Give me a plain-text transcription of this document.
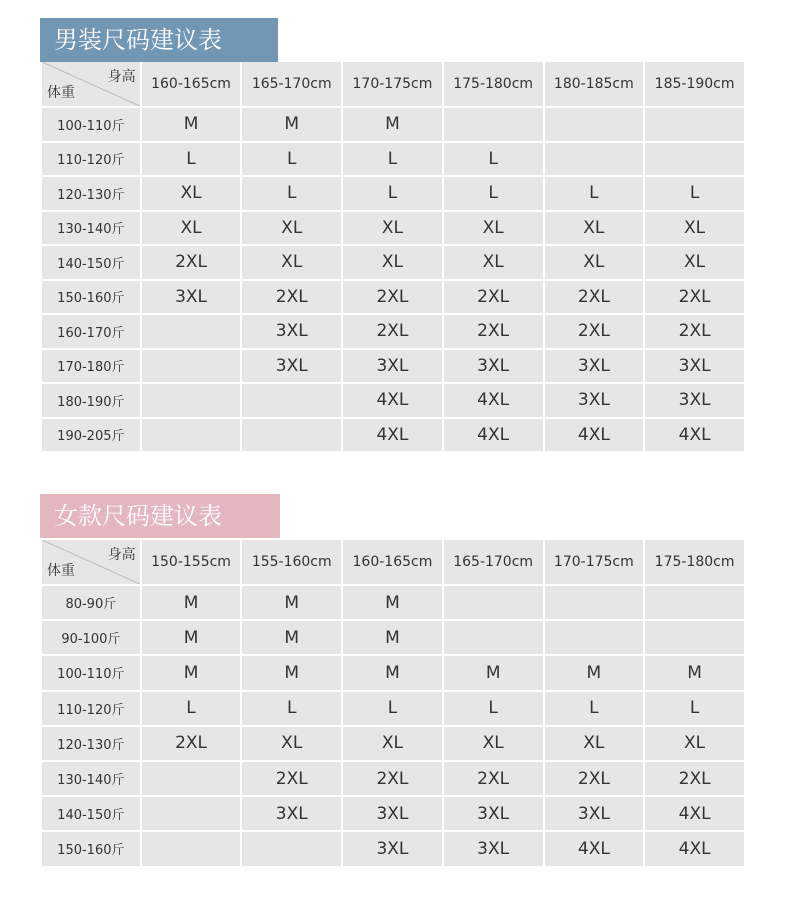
男装尺码建议表
身高
体重	160-165cm	165-170cm	170-175cm	175-180cm	180-185cm	185-190cm
100-110斤	M	M	M			
110-120斤	L	L	L	L		
120-130斤	XL	L	L	L	L	L
130-140斤	XL	XL	XL	XL	XL	XL
140-150斤	2XL	XL	XL	XL	XL	XL
150-160斤	3XL	2XL	2XL	2XL	2XL	2XL
160-170斤		3XL	2XL	2XL	2XL	2XL
170-180斤		3XL	3XL	3XL	3XL	3XL
180-190斤			4XL	4XL	3XL	3XL
190-205斤			4XL	4XL	4XL	4XL
女款尺码建议表
身高
体重	150-155cm	155-160cm	160-165cm	165-170cm	170-175cm	175-180cm
80-90斤	M	M	M			
90-100斤	M	M	M			
100-110斤	M	M	M	M	M	M
110-120斤	L	L	L	L	L	L
120-130斤	2XL	XL	XL	XL	XL	XL
130-140斤		2XL	2XL	2XL	2XL	2XL
140-150斤		3XL	3XL	3XL	3XL	4XL
150-160斤			3XL	3XL	4XL	4XL
